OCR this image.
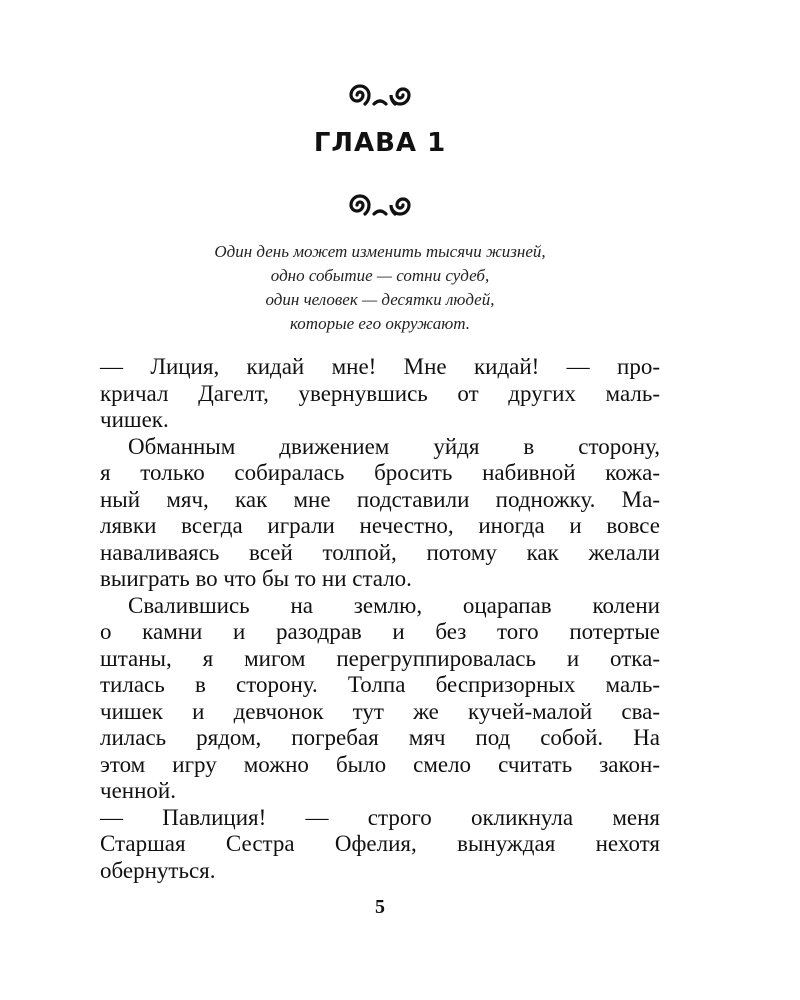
ГЛАВА 1
Один день может изменить тысячи жизней,
одно событие — сотни судеб,
один человек — десятки людей,
которые его окружают.
— Лиция, кидай мне! Мне кидай! — про-
кричал Дагелт, увернувшись от других маль-
чишек.
Обманным движением уйдя в сторону,
я только собиралась бросить набивной кожа-
ный мяч, как мне подставили подножку. Ма-
лявки всегда играли нечестно, иногда и вовсе
наваливаясь всей толпой, потому как желали
выиграть во что бы то ни стало.
Свалившись на землю, оцарапав колени
о камни и разодрав и без того потертые
штаны, я мигом перегруппировалась и отка-
тилась в сторону. Толпа беспризорных маль-
чишек и девчонок тут же кучей-малой сва-
лилась рядом, погребая мяч под собой. На
этом игру можно было смело считать закон-
ченной.
— Павлиция! — строго окликнула меня
Старшая Сестра Офелия, вынуждая нехотя
обернуться.
5
